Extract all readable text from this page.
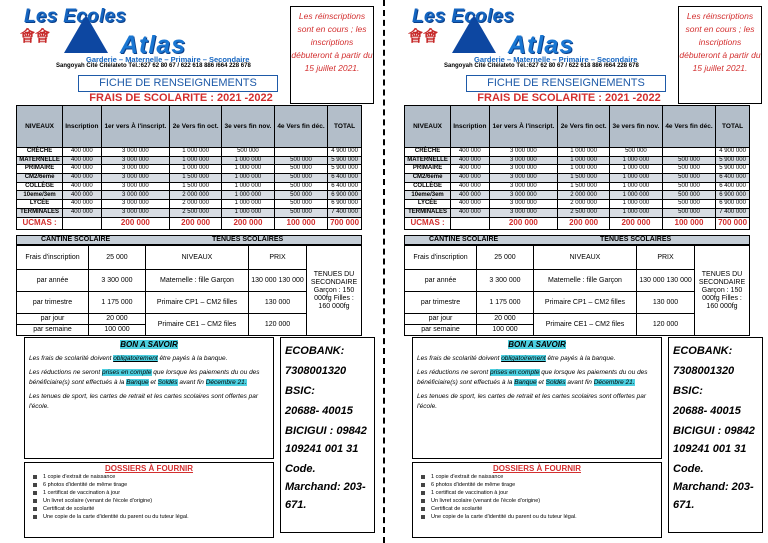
Les Ecoles
會會	Atlas
Garderie – Maternelle – Primaire – Secondaire
Sangoyah Cité Cité/ateto Tél.:627 62 80 67 / 622 618 886 /664 228 678
Les réinscriptions sont en cours ; les inscriptions débuteront à partir du 15 juillet 2021.
FICHE DE RENSEIGNEMENTS
FRAIS DE SCOLARITE : 2021 -2022
NIVEAUX	Inscription	1er vers À l'inscript.	2e Vers fin oct.	3e vers fin nov.	4e Vers fin déc.	TOTAL
CRÈCHE	400 000	3 000 000	1 000 000	500 000		4 900 000
MATERNELLE	400 000	3 000 000	1 000 000	1 000 000	500 000	5 900 000
PRIMAIRE	400 000	3 000 000	1 000 000	1 000 000	500 000	5 900 000
CM2/6eme	400 000	3 000 000	1 500 000	1 000 000	500 000	6 400 000
COLLÈGE	400 000	3 000 000	1 500 000	1 000 000	500 000	6 400 000
10eme/3em	400 000	3 000 000	2 000 000	1 000 000	500 000	6 900 000
LYCÉE	400 000	3 000 000	2 000 000	1 000 000	500 000	6 900 000
TERMINALES	400 000	3 000 000	2 500 000	1 000 000	500 000	7 400 000
UCMAS :		200 000	200 000	200 000	100 000	700 000
CANTINE SCOLAIRE	TENUES SCOLAIRES
Frais d'inscription	25 000	NIVEAUX	PRIX	TENUES DU SECONDAIRE Garçon : 150 000fg Filles : 160 000fg
par année	3 300 000	Maternelle : fille Garçon	130 000 130 000	
par trimestre	1 175 000	Primaire CP1 – CM2 filles	130 000	
par jour	20 000	Primaire CE1 – CM2 files	120 000	
par semaine	100 000			
BON A SAVOIR

Les frais de scolarité doivent obligatoirement être payés à la banque.

Les réductions ne seront prises en compte que lorsque les paiements du ou des bénéficiaire(s) sont effectués à la Banque et Soldés avant fin Décembre 21.

Les tenues de sport, les cartes de retrait et les cartes scolaires sont offertes par l'école.

ECOBANK:
7308001320
BSIC:
20688- 40015
BICIGUI : 09842 109241 001 31
Code. Marchand: 203-671.
DOSSIERS À FOURNIR
1 copie d'extrait de naissance
6 photos d'identité de même tirage
1 certificat de vaccination à jour
Un livret scolaire (venant de l'école d'origine)
Certificat de scolarité
Une copie de la carte d'identité du parent ou du tuteur légal.
Les Ecoles
會會	Atlas
Garderie – Maternelle – Primaire – Secondaire
Sangoyah Cité Cité/ateto Tél.:627 62 80 67 / 622 618 886 /664 228 678
Les réinscriptions sont en cours ; les inscriptions débuteront à partir du 15 juillet 2021.
FICHE DE RENSEIGNEMENTS
FRAIS DE SCOLARITE : 2021 -2022
NIVEAUX	Inscription	1er vers À l'inscript.	2e Vers fin oct.	3e vers fin nov.	4e Vers fin déc.	TOTAL
CRÈCHE	400 000	3 000 000	1 000 000	500 000		4 900 000
MATERNELLE	400 000	3 000 000	1 000 000	1 000 000	500 000	5 900 000
PRIMAIRE	400 000	3 000 000	1 000 000	1 000 000	500 000	5 900 000
CM2/6eme	400 000	3 000 000	1 500 000	1 000 000	500 000	6 400 000
COLLÈGE	400 000	3 000 000	1 500 000	1 000 000	500 000	6 400 000
10eme/3em	400 000	3 000 000	2 000 000	1 000 000	500 000	6 900 000
LYCÉE	400 000	3 000 000	2 000 000	1 000 000	500 000	6 900 000
TERMINALES	400 000	3 000 000	2 500 000	1 000 000	500 000	7 400 000
UCMAS :		200 000	200 000	200 000	100 000	700 000
CANTINE SCOLAIRE	TENUES SCOLAIRES
Frais d'inscription	25 000	NIVEAUX	PRIX	TENUES DU SECONDAIRE Garçon : 150 000fg Filles : 160 000fg
par année	3 300 000	Maternelle : fille Garçon	130 000 130 000	
par trimestre	1 175 000	Primaire CP1 – CM2 filles	130 000	
par jour	20 000	Primaire CE1 – CM2 files	120 000	
par semaine	100 000			
BON A SAVOIR

Les frais de scolarité doivent obligatoirement être payés à la banque.

Les réductions ne seront prises en compte que lorsque les paiements du ou des bénéficiaire(s) sont effectués à la Banque et Soldés avant fin Décembre 21.

Les tenues de sport, les cartes de retrait et les cartes scolaires sont offertes par l'école.

ECOBANK:
7308001320
BSIC:
20688- 40015
BICIGUI : 09842 109241 001 31
Code. Marchand: 203-671.
DOSSIERS À FOURNIR
1 copie d'extrait de naissance
6 photos d'identité de même tirage
1 certificat de vaccination à jour
Un livret scolaire (venant de l'école d'origine)
Certificat de scolarité
Une copie de la carte d'identité du parent ou du tuteur légal.
